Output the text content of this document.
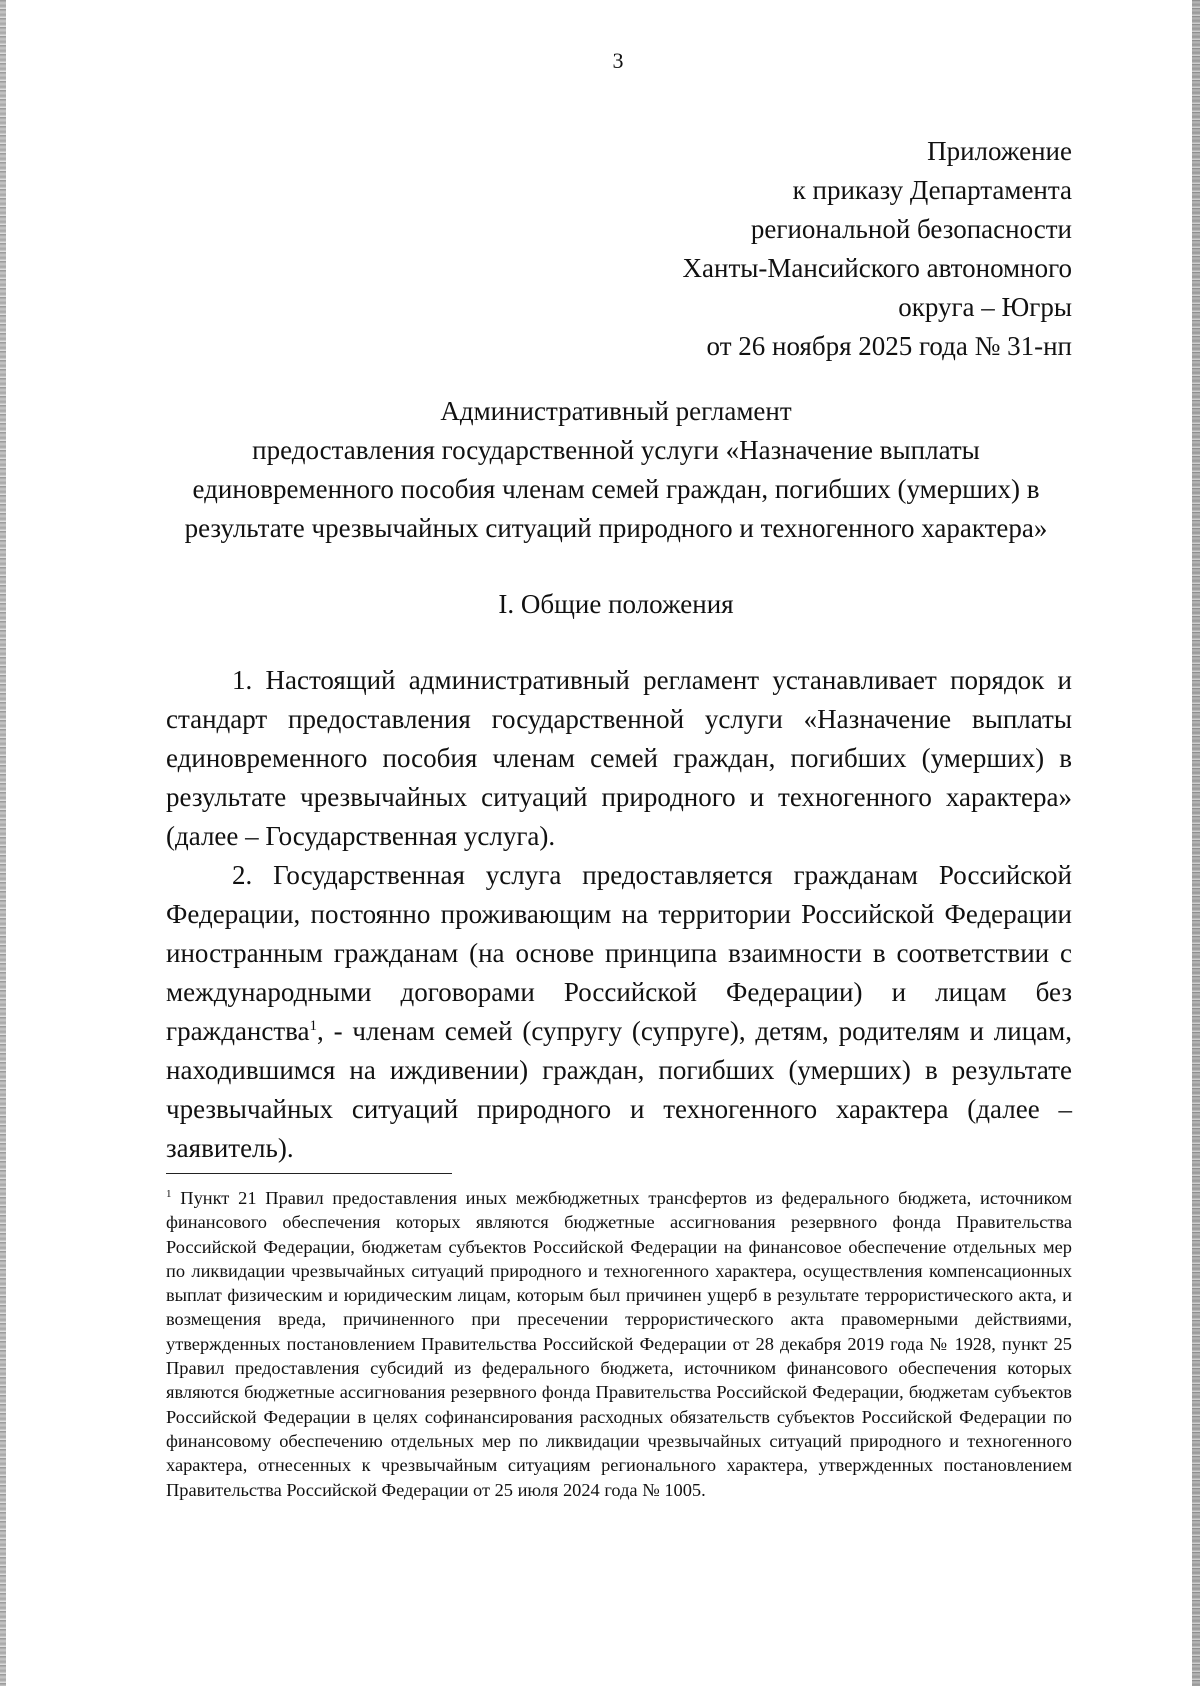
3
Приложение
к приказу Департамента
региональной безопасности
Ханты-Мансийского автономного
округа – Югры
от 26 ноября 2025 года № 31-нп
Административный регламент
предоставления государственной услуги «Назначение выплаты
единовременного пособия членам семей граждан, погибших (умерших) в
результате чрезвычайных ситуаций природного и техногенного характера»
I. Общие положения

1. Настоящий административный регламент устанавливает порядок и стандарт предоставления государственной услуги «Назначение выплаты единовременного пособия членам семей граждан, погибших (умерших) в результате чрезвычайных ситуаций природного и техногенного характера» (далее – Государственная услуга).

2. Государственная услуга предоставляется гражданам Российской Федерации, постоянно проживающим на территории Российской Федерации иностранным гражданам (на основе принципа взаимности в соответствии с международными договорами Российской Федерации) и лицам без гражданства$^1$, - членам семей (супругу (супруге), детям, родителям и лицам, находившимся на иждивении) граждан, погибших (умерших) в результате чрезвычайных ситуаций природного и техногенного характера (далее – заявитель).

$^1$ Пункт 21 Правил предоставления иных межбюджетных трансфертов из федерального бюджета, источником финансового обеспечения которых являются бюджетные ассигнования резервного фонда Правительства Российской Федерации, бюджетам субъектов Российской Федерации на финансовое обеспечение отдельных мер по ликвидации чрезвычайных ситуаций природного и техногенного характера, осуществления компенсационных выплат физическим и юридическим лицам, которым был причинен ущерб в результате террористического акта, и возмещения вреда, причиненного при пресечении террористического акта правомерными действиями, утвержденных постановлением Правительства Российской Федерации от 28 декабря 2019 года № 1928, пункт 25 Правил предоставления субсидий из федерального бюджета, источником финансового обеспечения которых являются бюджетные ассигнования резервного фонда Правительства Российской Федерации, бюджетам субъектов Российской Федерации в целях софинансирования расходных обязательств субъектов Российской Федерации по финансовому обеспечению отдельных мер по ликвидации чрезвычайных ситуаций природного и техногенного характера, отнесенных к чрезвычайным ситуациям регионального характера, утвержденных постановлением Правительства Российской Федерации от 25 июля 2024 года № 1005.
